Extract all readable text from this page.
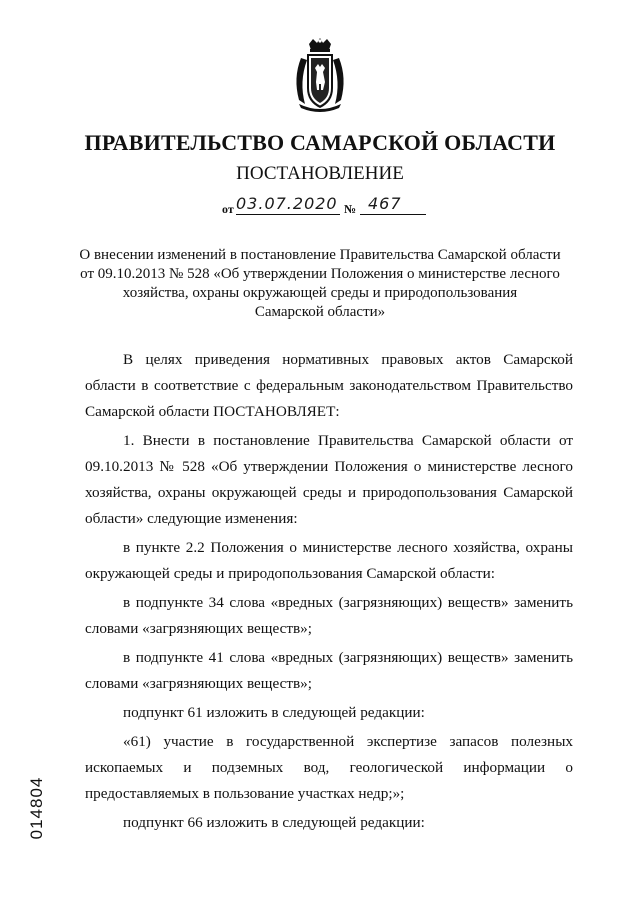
ПРАВИТЕЛЬСТВО САМАРСКОЙ ОБЛАСТИ
ПОСТАНОВЛЕНИЕ
от 03.07.2020 № 467
О внесении изменений в постановление Правительства Самарской области
от 09.10.2013 № 528 «Об утверждении Положения о министерстве лесного
хозяйства, охраны окружающей среды и природопользования
Самарской области»

В целях приведения нормативных правовых актов Самарской области в соответствие с федеральным законодательством Правительство Самарской области ПОСТАНОВЛЯЕТ:

1. Внести в постановление Правительства Самарской области от 09.10.2013 № 528 «Об утверждении Положения о министерстве лесного хозяйства, охраны окружающей среды и природопользования Самарской области» следующие изменения:

в пункте 2.2 Положения о министерстве лесного хозяйства, охраны окружающей среды и природопользования Самарской области:

в подпункте 34 слова «вредных (загрязняющих) веществ» заменить словами «загрязняющих веществ»;

в подпункте 41 слова «вредных (загрязняющих) веществ» заменить словами «загрязняющих веществ»;

подпункт 61 изложить в следующей редакции:

«61) участие в государственной экспертизе запасов полезных ископаемых и подземных вод, геологической информации о предоставляемых в пользование участках недр;»;

подпункт 66 изложить в следующей редакции:

014804
